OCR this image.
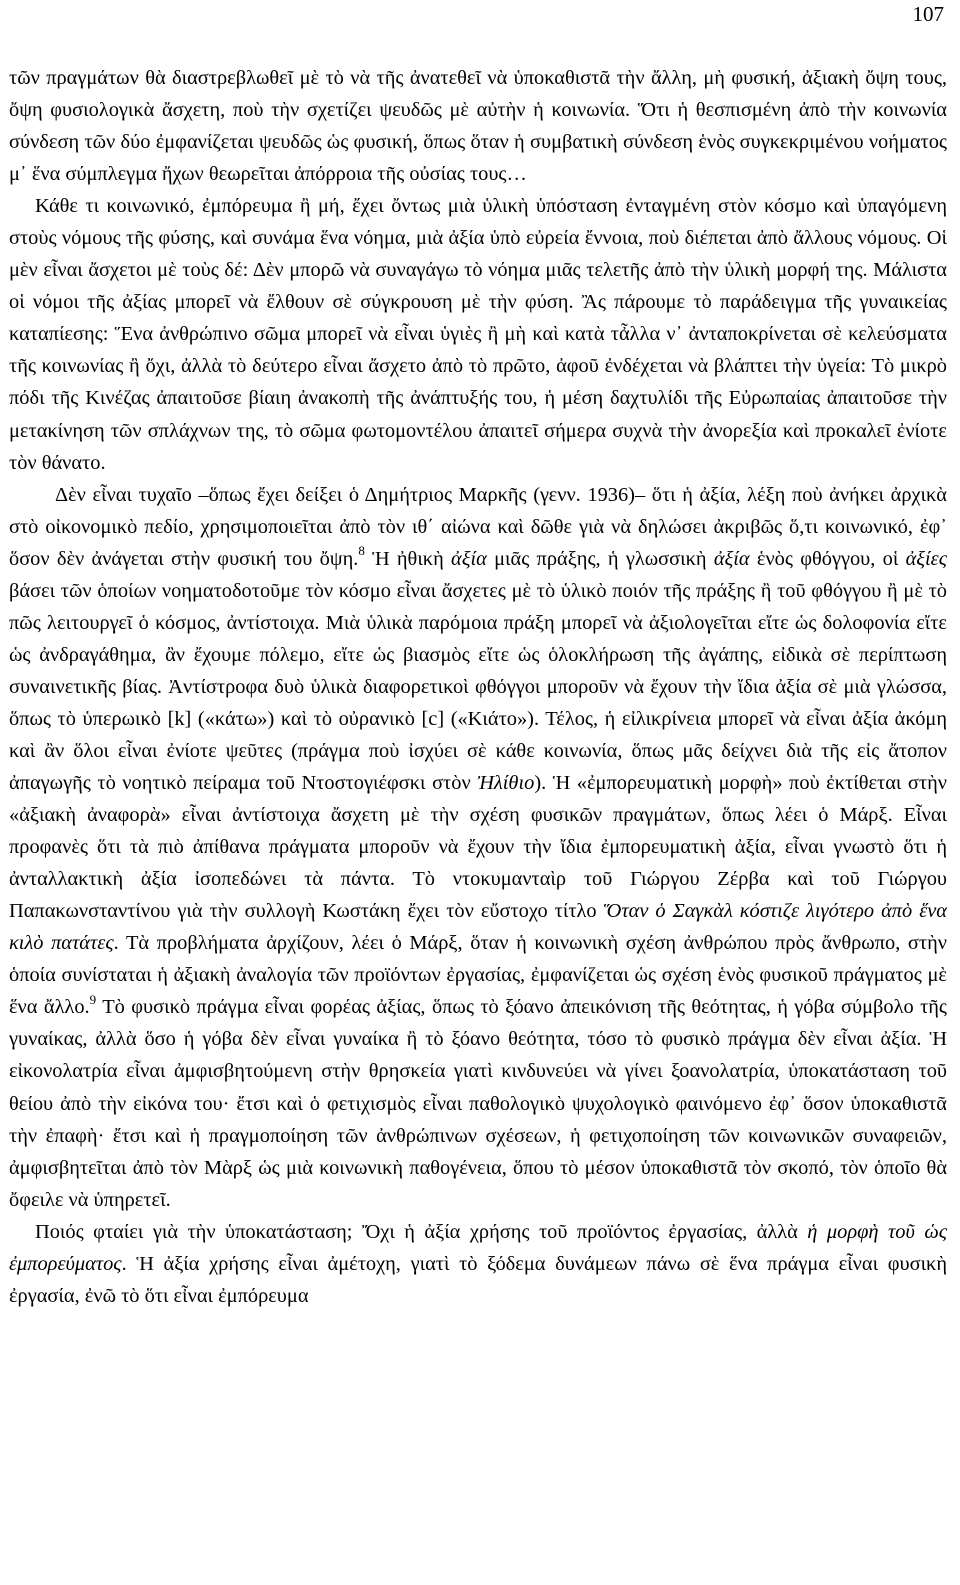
107

τῶν πραγμάτων θὰ διαστρεβλωθεῖ μὲ τὸ νὰ τῆς ἀνατεθεῖ νὰ ὑποκαθιστᾶ τὴν ἄλλη, μὴ φυσική, ἀξιακὴ ὄψη τους, ὄψη φυσιολογικὰ ἄσχετη, ποὺ τὴν σχετίζει ψευδῶς μὲ αὐτὴν ἡ κοινωνία. Ὅτι ἡ θεσπισμένη ἀπὸ τὴν κοινωνία σύνδεση τῶν δύο ἐμφανίζεται ψευδῶς ὡς φυσική, ὅπως ὅταν ἡ συμβατικὴ σύνδεση ἑνὸς συγκεκριμένου νοήματος μ᾽ ἕνα σύμπλεγμα ἤχων θεωρεῖται ἀπόρροια τῆς οὐσίας τους…

Κάθε τι κοινωνικό, ἐμπόρευμα ἢ μή, ἔχει ὄντως μιὰ ὑλικὴ ὑπόσταση ἐνταγμένη στὸν κόσμο καὶ ὑπαγόμενη στοὺς νόμους τῆς φύσης, καὶ συνάμα ἕνα νόημα, μιὰ ἀξία ὑπὸ εὐρεία ἔννοια, ποὺ διέπεται ἀπὸ ἄλλους νόμους. Οἱ μὲν εἶναι ἄσχετοι μὲ τοὺς δέ: Δὲν μπορῶ νὰ συναγάγω τὸ νόημα μιᾶς τελετῆς ἀπὸ τὴν ὑλικὴ μορφή της. Μάλιστα οἱ νόμοι τῆς ἀξίας μπορεῖ νὰ ἔλθουν σὲ σύγκρουση μὲ τὴν φύση. Ἂς πάρουμε τὸ παράδειγμα τῆς γυναικείας καταπίεσης: Ἕνα ἀνθρώπινο σῶμα μπορεῖ νὰ εἶναι ὑγιὲς ἢ μὴ καὶ κατὰ τἆλλα ν᾽ ἀνταποκρίνεται σὲ κελεύσματα τῆς κοινωνίας ἢ ὄχι, ἀλλὰ τὸ δεύτερο εἶναι ἄσχετο ἀπὸ τὸ πρῶτο, ἀφοῦ ἐνδέχεται νὰ βλάπτει τὴν ὑγεία: Τὸ μικρὸ πόδι τῆς Κινέζας ἀπαιτοῦσε βίαιη ἀνακοπὴ τῆς ἀνάπτυξής του, ἡ μέση δαχτυλίδι τῆς Εὐρωπαίας ἀπαιτοῦσε τὴν μετακίνηση τῶν σπλάχνων της, τὸ σῶμα φωτομοντέλου ἀπαιτεῖ σήμερα συχνὰ τὴν ἀνορεξία καὶ προκαλεῖ ἐνίοτε τὸν θάνατο.

Δὲν εἶναι τυχαῖο –ὅπως ἔχει δείξει ὁ Δημήτριος Μαρκῆς (γενν. 1936)– ὅτι ἡ ἀξία, λέξη ποὺ ἀνήκει ἀρχικὰ στὸ οἰκονομικὸ πεδίο, χρησιμοποιεῖται ἀπὸ τὸν ιθ΄ αἰώνα καὶ δῶθε γιὰ νὰ δηλώσει ἀκριβῶς ὅ,τι κοινωνικό, ἐφ᾽ ὅσον δὲν ἀνάγεται στὴν φυσική του ὄψη.$^8$ Ἡ ἠθικὴ ἀξία μιᾶς πράξης, ἡ γλωσσικὴ ἀξία ἑνὸς φθόγγου, οἱ ἀξίες βάσει τῶν ὁποίων νοηματοδοτοῦμε τὸν κόσμο εἶναι ἄσχετες μὲ τὸ ὑλικὸ ποιόν τῆς πράξης ἢ τοῦ φθόγγου ἢ μὲ τὸ πῶς λειτουργεῖ ὁ κόσμος, ἀντίστοιχα. Μιὰ ὑλικὰ παρόμοια πράξη μπορεῖ νὰ ἀξιολογεῖται εἴτε ὡς δολοφονία εἴτε ὡς ἀνδραγάθημα, ἂν ἔχουμε πόλεμο, εἴτε ὡς βιασμὸς εἴτε ὡς ὁλοκλήρωση τῆς ἀγάπης, εἰδικὰ σὲ περίπτωση συναινετικῆς βίας. Ἀντίστροφα δυὸ ὑλικὰ διαφορετικοὶ φθόγγοι μποροῦν νὰ ἔχουν τὴν ἴδια ἀξία σὲ μιὰ γλώσσα, ὅπως τὸ ὑπερωικὸ [k] («κάτω») καὶ τὸ οὐρανικὸ [c] («Κιάτο»). Τέλος, ἡ εἰλικρίνεια μπορεῖ νὰ εἶναι ἀξία ἀκόμη καὶ ἂν ὅλοι εἶναι ἐνίοτε ψεῦτες (πράγμα ποὺ ἰσχύει σὲ κάθε κοινωνία, ὅπως μᾶς δείχνει διὰ τῆς εἰς ἄτοπον ἀπαγωγῆς τὸ νοητικὸ πείραμα τοῦ Ντοστογιέφσκι στὸν Ἠλίθιο). Ἡ «ἐμπορευματικὴ μορφὴ» ποὺ ἐκτίθεται στὴν «ἀξιακὴ ἀναφορὰ» εἶναι ἀντίστοιχα ἄσχετη μὲ τὴν σχέση φυσικῶν πραγμάτων, ὅπως λέει ὁ Μάρξ. Εἶναι προφανὲς ὅτι τὰ πιὸ ἀπίθανα πράγματα μποροῦν νὰ ἔχουν τὴν ἴδια ἐμπορευματικὴ ἀξία, εἶναι γνωστὸ ὅτι ἡ ἀνταλλακτικὴ ἀξία ἰσοπεδώνει τὰ πάντα. Τὸ ντοκυμανταὶρ τοῦ Γιώργου Ζέρβα καὶ τοῦ Γιώργου Παπακωνσταντίνου γιὰ τὴν συλλογὴ Κωστάκη ἔχει τὸν εὔστοχο τίτλο Ὅταν ὁ Σαγκὰλ κόστιζε λιγότερο ἀπὸ ἕνα κιλὸ πατάτες. Τὰ προβλήματα ἀρχίζουν, λέει ὁ Μάρξ, ὅταν ἡ κοινωνικὴ σχέση ἀνθρώπου πρὸς ἄνθρωπο, στὴν ὁποία συνίσταται ἡ ἀξιακὴ ἀναλογία τῶν προϊόντων ἐργασίας, ἐμφανίζεται ὡς σχέση ἑνὸς φυσικοῦ πράγματος μὲ ἕνα ἄλλο.$^9$ Τὸ φυσικὸ πράγμα εἶναι φορέας ἀξίας, ὅπως τὸ ξόανο ἀπεικόνιση τῆς θεότητας, ἡ γόβα σύμβολο τῆς γυναίκας, ἀλλὰ ὅσο ἡ γόβα δὲν εἶναι γυναίκα ἢ τὸ ξόανο θεότητα, τόσο τὸ φυσικὸ πράγμα δὲν εἶναι ἀξία. Ἡ εἰκονολατρία εἶναι ἀμφισβητούμενη στὴν θρησκεία γιατὶ κινδυνεύει νὰ γίνει ξοανολατρία, ὑποκατάσταση τοῦ θείου ἀπὸ τὴν εἰκόνα του· ἔτσι καὶ ὁ φετιχισμὸς εἶναι παθολογικὸ ψυχολογικὸ φαινόμενο ἐφ᾽ ὅσον ὑποκαθιστᾶ τὴν ἐπαφὴ· ἔτσι καὶ ἡ πραγμοποίηση τῶν ἀνθρώπινων σχέσεων, ἡ φετιχοποίηση τῶν κοινωνικῶν συναφειῶν, ἀμφισβητεῖται ἀπὸ τὸν Μὰρξ ὡς μιὰ κοινωνικὴ παθογένεια, ὅπου τὸ μέσον ὑποκαθιστᾶ τὸν σκοπό, τὸν ὁποῖο θὰ ὄφειλε νὰ ὑπηρετεῖ.

Ποιός φταίει γιὰ τὴν ὑποκατάσταση; Ὄχι ἡ ἀξία χρήσης τοῦ προϊόντος ἐργασίας, ἀλλὰ ἡ μορφὴ τοῦ ὡς ἐμπορεύματος. Ἡ ἀξία χρήσης εἶναι ἀμέτοχη, γιατὶ τὸ ξόδεμα δυνάμεων πάνω σὲ ἕνα πράγμα εἶναι φυσικὴ ἐργασία, ἐνῶ τὸ ὅτι εἶναι ἐμπόρευμα
